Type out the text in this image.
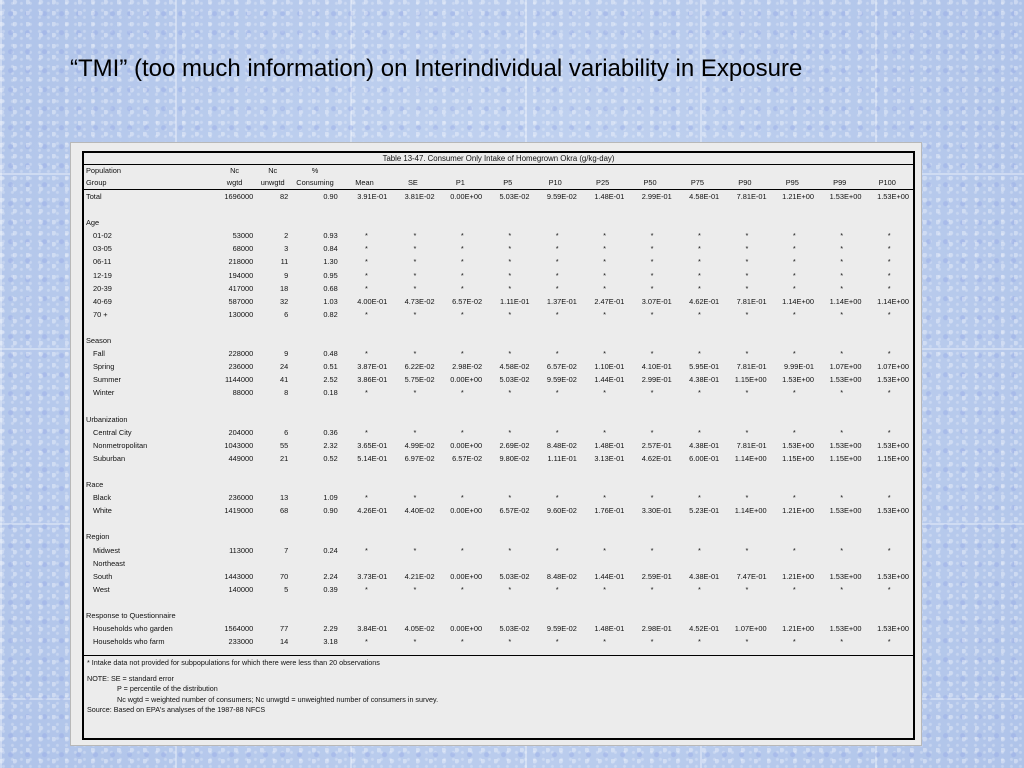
“TMI” (too much information) on Interindividual variability in Exposure
Table 13-47. Consumer Only Intake of Homegrown Okra (g/kg-day)
Population	Nc	Nc	%												
Group	wgtd	unwgtd	Consuming	Mean	SE	P1	P5	P10	P25	P50	P75	P90	P95	P99	P100
Total	1696000	82	0.90	3.91E-01	3.81E-02	0.00E+00	5.03E-02	9.59E-02	1.48E-01	2.99E-01	4.58E-01	7.81E-01	1.21E+00	1.53E+00	1.53E+00

Age															
01-02	53000	2	0.93	*	*	*	*	*	*	*	*	*	*	*	*
03-05	68000	3	0.84	*	*	*	*	*	*	*	*	*	*	*	*
06-11	218000	11	1.30	*	*	*	*	*	*	*	*	*	*	*	*
12-19	194000	9	0.95	*	*	*	*	*	*	*	*	*	*	*	*
20-39	417000	18	0.68	*	*	*	*	*	*	*	*	*	*	*	*
40-69	587000	32	1.03	4.00E-01	4.73E-02	6.57E-02	1.11E-01	1.37E-01	2.47E-01	3.07E-01	4.62E-01	7.81E-01	1.14E+00	1.14E+00	1.14E+00
70 +	130000	6	0.82	*	*	*	*	*	*	*	*	*	*	*	*

Season															
Fall	228000	9	0.48	*	*	*	*	*	*	*	*	*	*	*	*
Spring	236000	24	0.51	3.87E-01	6.22E-02	2.98E-02	4.58E-02	6.57E-02	1.10E-01	4.10E-01	5.95E-01	7.81E-01	9.99E-01	1.07E+00	1.07E+00
Summer	1144000	41	2.52	3.86E-01	5.75E-02	0.00E+00	5.03E-02	9.59E-02	1.44E-01	2.99E-01	4.38E-01	1.15E+00	1.53E+00	1.53E+00	1.53E+00
Winter	88000	8	0.18	*	*	*	*	*	*	*	*	*	*	*	*

Urbanization															
Central City	204000	6	0.36	*	*	*	*	*	*	*	*	*	*	*	*
Nonmetropolitan	1043000	55	2.32	3.65E-01	4.99E-02	0.00E+00	2.69E-02	8.48E-02	1.48E-01	2.57E-01	4.38E-01	7.81E-01	1.53E+00	1.53E+00	1.53E+00
Suburban	449000	21	0.52	5.14E-01	6.97E-02	6.57E-02	9.80E-02	1.11E-01	3.13E-01	4.62E-01	6.00E-01	1.14E+00	1.15E+00	1.15E+00	1.15E+00

Race															
Black	236000	13	1.09	*	*	*	*	*	*	*	*	*	*	*	*
White	1419000	68	0.90	4.26E-01	4.40E-02	0.00E+00	6.57E-02	9.60E-02	1.76E-01	3.30E-01	5.23E-01	1.14E+00	1.21E+00	1.53E+00	1.53E+00

Region															
Midwest	113000	7	0.24	*	*	*	*	*	*	*	*	*	*	*	*
Northeast															
South	1443000	70	2.24	3.73E-01	4.21E-02	0.00E+00	5.03E-02	8.48E-02	1.44E-01	2.59E-01	4.38E-01	7.47E-01	1.21E+00	1.53E+00	1.53E+00
West	140000	5	0.39	*	*	*	*	*	*	*	*	*	*	*	*

Response to Questionnaire															
Households who garden	1564000	77	2.29	3.84E-01	4.05E-02	0.00E+00	5.03E-02	9.59E-02	1.48E-01	2.98E-01	4.52E-01	1.07E+00	1.21E+00	1.53E+00	1.53E+00
Households who farm	233000	14	3.18	*	*	*	*	*	*	*	*	*	*	*	*
* Intake data not provided for subpopulations for which there were less than 20 observations
NOTE: SE = standard error
P = percentile of the distribution
Nc wgtd = weighted number of consumers; Nc unwgtd = unweighted number of consumers in survey.
Source: Based on EPA's analyses of the 1987-88 NFCS
